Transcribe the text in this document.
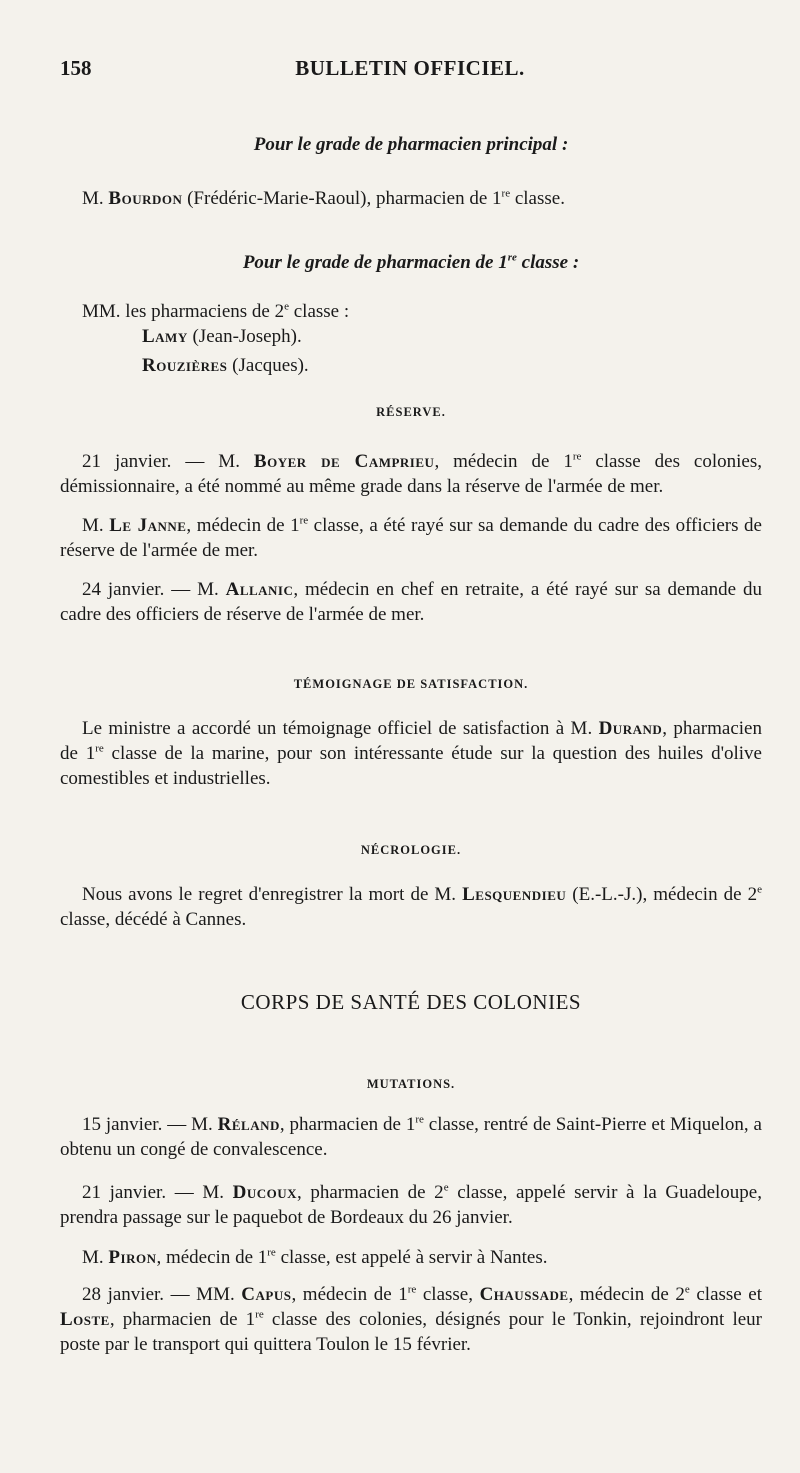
158	BULLETIN OFFICIEL.
Pour le grade de pharmacien principal :
M. Bourdon (Frédéric-Marie-Raoul), pharmacien de 1re classe.
Pour le grade de pharmacien de 1re classe :
MM. les pharmaciens de 2e classe :
Lamy (Jean-Joseph).
Rouzières (Jacques).
RÉSERVE.
21 janvier. — M. Boyer de Camprieu, médecin de 1re classe des colonies, démissionnaire, a été nommé au même grade dans la réserve de l'armée de mer.
M. Le Janne, médecin de 1re classe, a été rayé sur sa demande du cadre des officiers de réserve de l'armée de mer.
24 janvier. — M. Allanic, médecin en chef en retraite, a été rayé sur sa demande du cadre des officiers de réserve de l'armée de mer.
TÉMOIGNAGE DE SATISFACTION.
Le ministre a accordé un témoignage officiel de satisfaction à M. Durand, pharmacien de 1re classe de la marine, pour son intéressante étude sur la question des huiles d'olive comestibles et industrielles.
NÉCROLOGIE.
Nous avons le regret d'enregistrer la mort de M. Lesquendieu (E.-L.-J.), médecin de 2e classe, décédé à Cannes.
CORPS DE SANTÉ DES COLONIES
MUTATIONS.
15 janvier. — M. Réland, pharmacien de 1re classe, rentré de Saint-Pierre et Miquelon, a obtenu un congé de convalescence.
21 janvier. — M. Ducoux, pharmacien de 2e classe, appelé servir à la Guadeloupe, prendra passage sur le paquebot de Bordeaux du 26 janvier.
M. Piron, médecin de 1re classe, est appelé à servir à Nantes.
28 janvier. — MM. Capus, médecin de 1re classe, Chaussade, médecin de 2e classe et Loste, pharmacien de 1re classe des colonies, désignés pour le Tonkin, rejoindront leur poste par le transport qui quittera Toulon le 15 février.
